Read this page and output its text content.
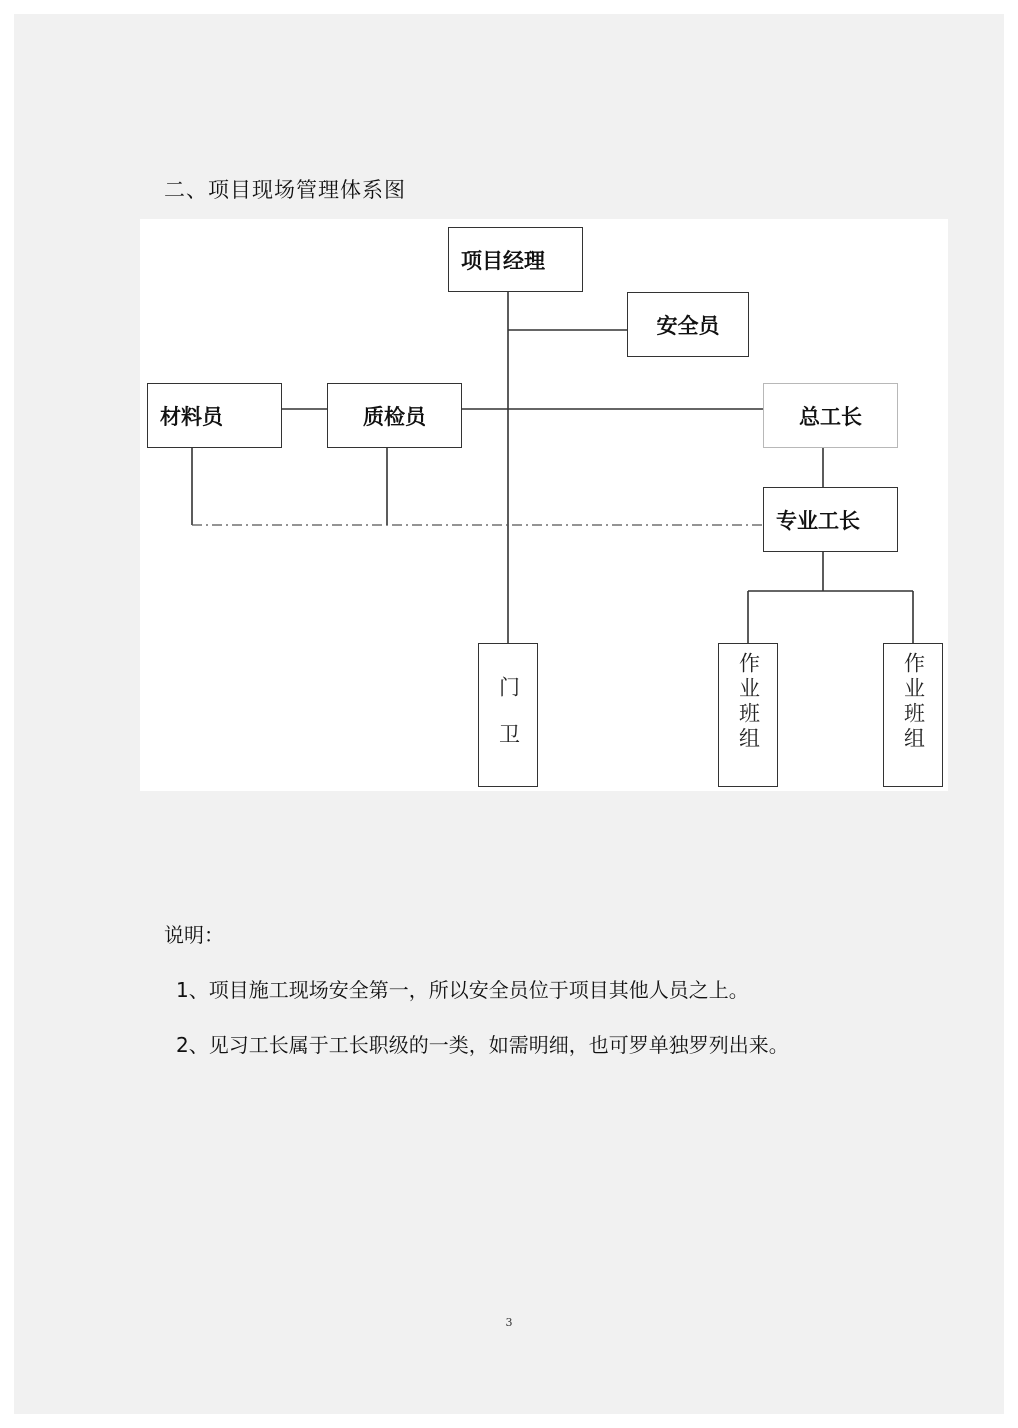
二、项目现场管理体系图
项目经理
安全员
材料员	质检员	总工长
专业工长
门卫	作业班组	作业班组
说明：
1、项目施工现场安全第一，所以安全员位于项目其他人员之上。
2、见习工长属于工长职级的一类，如需明细，也可罗单独罗列出来。
3
